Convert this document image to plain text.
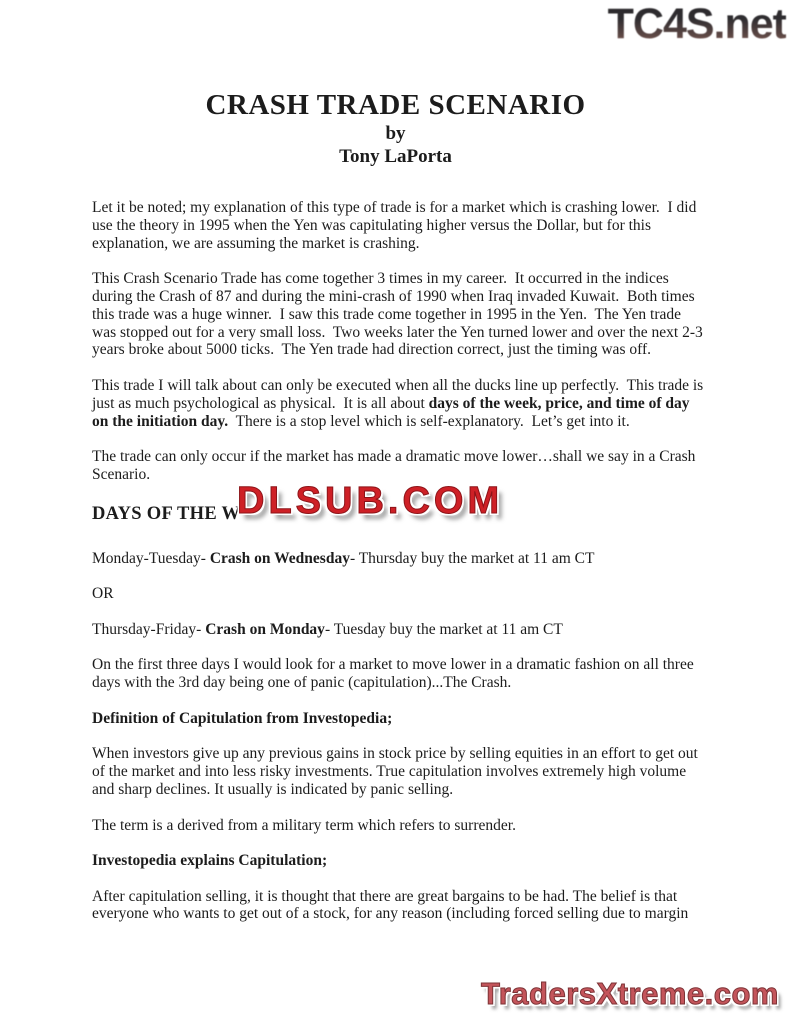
TC4S.net
CRASH TRADE SCENARIO
by
Tony LaPorta

Let it be noted; my explanation of this type of trade is for a market which is crashing lower.  I did use the theory in 1995 when the Yen was capitulating higher versus the Dollar, but for this explanation, we are assuming the market is crashing.

This Crash Scenario Trade has come together 3 times in my career.  It occurred in the indices during the Crash of 87 and during the mini-crash of 1990 when Iraq invaded Kuwait.  Both times this trade was a huge winner.  I saw this trade come together in 1995 in the Yen.  The Yen trade was stopped out for a very small loss.  Two weeks later the Yen turned lower and over the next 2-3 years broke about 5000 ticks.  The Yen trade had direction correct, just the timing was off.

This trade I will talk about can only be executed when all the ducks line up perfectly.  This trade is just as much psychological as physical.  It is all about days of the week, price, and time of day on the initiation day.  There is a stop level which is self-explanatory.  Let’s get into it.

The trade can only occur if the market has made a dramatic move lower…shall we say in a Crash Scenario.

DAYS OF THE W
DLSUB.COM

Monday-Tuesday- Crash on Wednesday- Thursday buy the market at 11 am CT

OR

Thursday-Friday- Crash on Monday- Tuesday buy the market at 11 am CT

On the first three days I would look for a market to move lower in a dramatic fashion on all three days with the 3rd day being one of panic (capitulation)...The Crash.

Definition of Capitulation from Investopedia;

When investors give up any previous gains in stock price by selling equities in an effort to get out of the market and into less risky investments. True capitulation involves extremely high volume and sharp declines. It usually is indicated by panic selling.

The term is a derived from a military term which refers to surrender.

Investopedia explains Capitulation;

After capitulation selling, it is thought that there are great bargains to be had. The belief is that everyone who wants to get out of a stock, for any reason (including forced selling due to margin

TradersXtreme.com
